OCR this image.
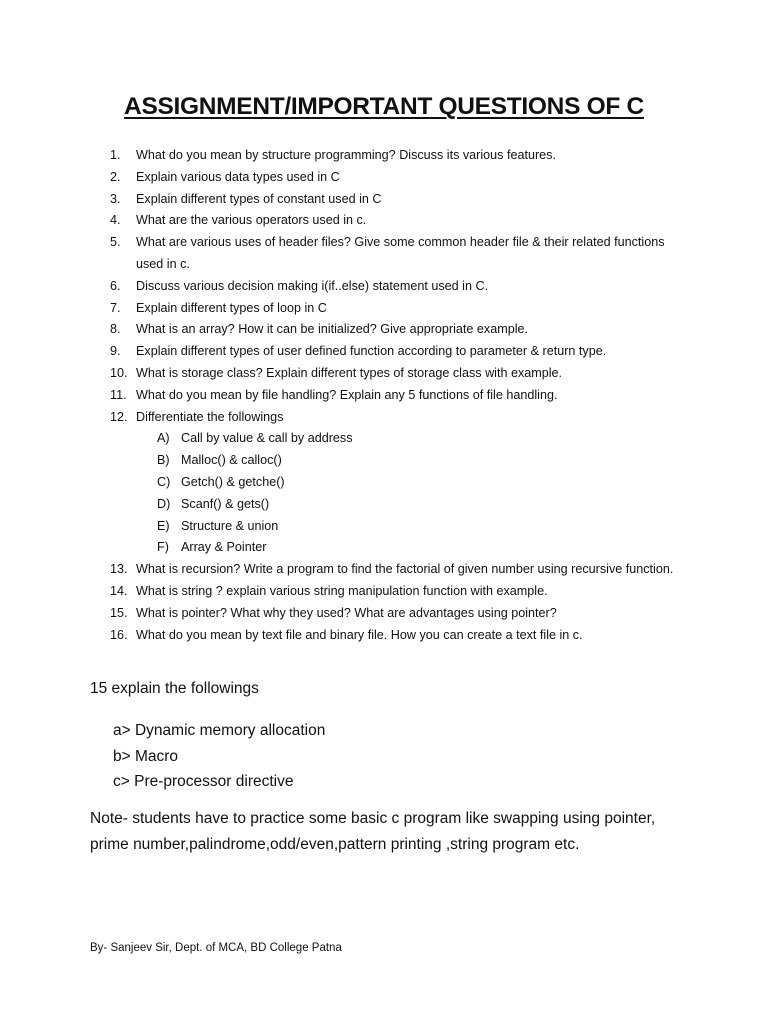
ASSIGNMENT/IMPORTANT QUESTIONS OF C
1.	What do you mean by structure programming? Discuss its various features.
2.	Explain various data types used in C
3.	Explain different types of constant used in C
4.	What are the various operators used in c.
5.	What are various uses of header files? Give some common header file & their related functions used in c.
6.	Discuss various decision making i(if..else) statement used in C.
7.	Explain different types of loop in C
8.	What is an array? How it can be initialized? Give appropriate example.
9.	Explain different types of user defined function according to parameter & return type.
10. What is storage class? Explain different types of storage class with example.
11. What do you mean by file handling? Explain any 5 functions of file handling.
12. Differentiate the followings
A) Call by value & call by address
B) Malloc() & calloc()
C) Getch() & getche()
D) Scanf() & gets()
E) Structure & union
F) Array & Pointer
13. What is recursion? Write a program to find the factorial of given number using recursive function.
14. What is string ? explain various string manipulation function with example.
15. What is pointer? What why they used? What are advantages using pointer?
16. What do you mean by text file and binary file. How you can create a text file in c.

15 explain the followings

a> Dynamic memory allocation
b> Macro
c> Pre-processor directive

Note- students have to practice some basic c program like swapping using pointer, prime number,palindrome,odd/even,pattern printing ,string program etc.

By- Sanjeev Sir, Dept. of MCA, BD College Patna
